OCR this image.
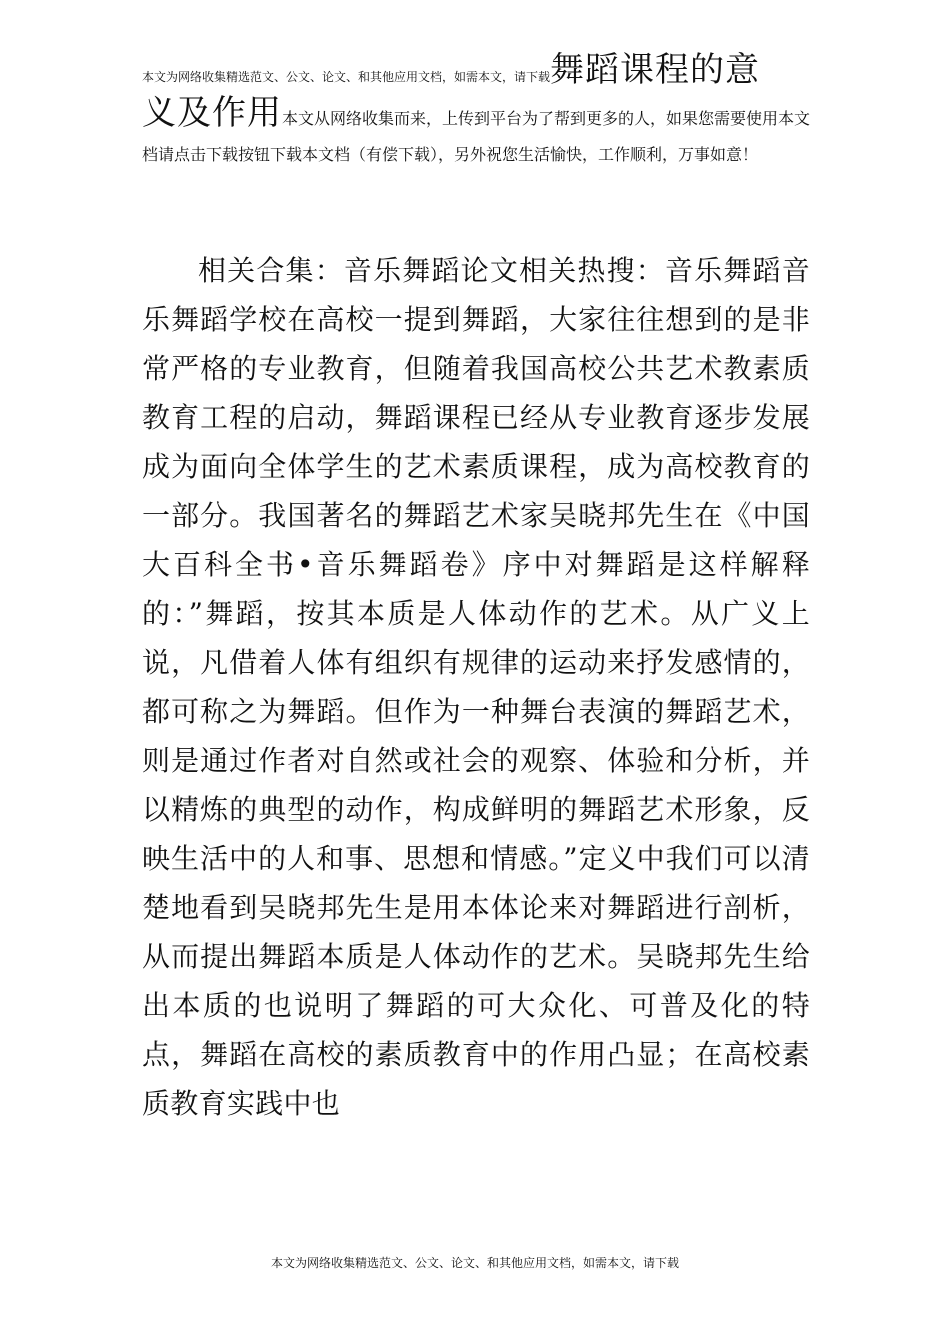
本文为网络收集精选范文、公文、论文、和其他应用文档，如需本文，请下载舞蹈课程的意
义及作用本文从网络收集而来，上传到平台为了帮到更多的人，如果您需要使用本文档请点击下载按钮下载本文档（有偿下载），另外祝您生活愉快，工作顺利，万事如意！
相关合集：音乐舞蹈论文相关热搜：音乐舞蹈音乐舞蹈学校在高校一提到舞蹈，大家往往想到的是非常严格的专业教育，但随着我国高校公共艺术教素质教育工程的启动，舞蹈课程已经从专业教育逐步发展成为面向全体学生的艺术素质课程，成为高校教育的一部分。我国著名的舞蹈艺术家吴晓邦先生在《中国大百科全书•音乐舞蹈卷》序中对舞蹈是这样解释的：”舞蹈，按其本质是人体动作的艺术。从广义上说，凡借着人体有组织有规律的运动来抒发感情的，都可称之为舞蹈。但作为一种舞台表演的舞蹈艺术，则是通过作者对自然或社会的观察、体验和分析，并以精炼的典型的动作，构成鲜明的舞蹈艺术形象，反映生活中的人和事、思想和情感。”定义中我们可以清楚地看到吴晓邦先生是用本体论来对舞蹈进行剖析，从而提出舞蹈本质是人体动作的艺术。吴晓邦先生给出本质的也说明了舞蹈的可大众化、可普及化的特点，舞蹈在高校的素质教育中的作用凸显；在高校素质教育实践中也
本文为网络收集精选范文、公文、论文、和其他应用文档，如需本文，请下载
